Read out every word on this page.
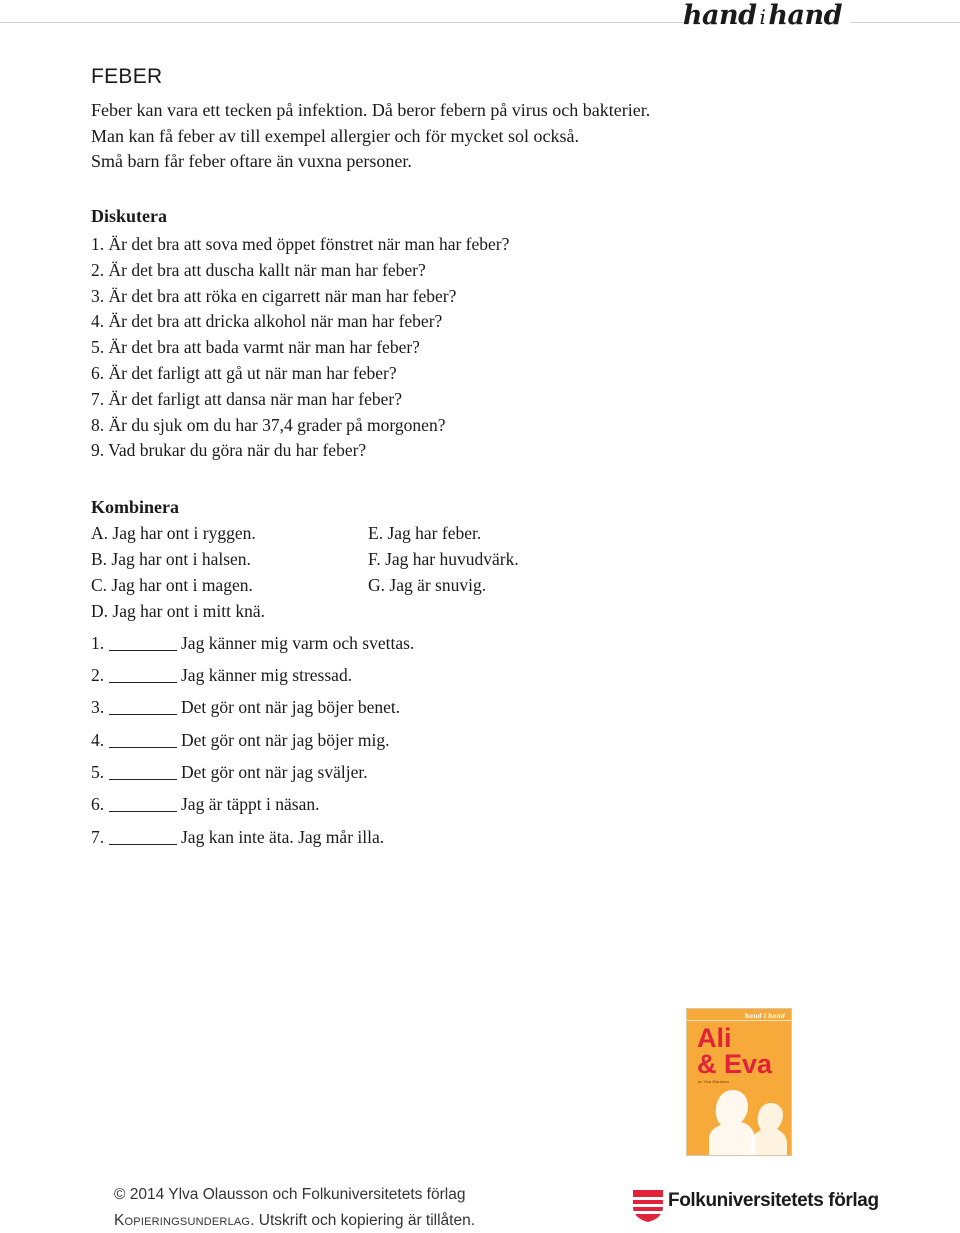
hand i hand
FEBER
Feber kan vara ett tecken på infektion. Då beror febern på virus och bakterier.
Man kan få feber av till exempel allergier och för mycket sol också.
Små barn får feber oftare än vuxna personer.
Diskutera
1. Är det bra att sova med öppet fönstret när man har feber?
2. Är det bra att duscha kallt när man har feber?
3. Är det bra att röka en cigarrett när man har feber?
4. Är det bra att dricka alkohol när man har feber?
5. Är det bra att bada varmt när man har feber?
6. Är det farligt att gå ut när man har feber?
7. Är det farligt att dansa när man har feber?
8. Är du sjuk om du har 37,4 grader på morgonen?
9. Vad brukar du göra när du har feber?
Kombinera
A. Jag har ont i ryggen.
B. Jag har ont i halsen.
C. Jag har ont i magen.
D. Jag har ont i mitt knä.
E. Jag har feber.
F. Jag har huvudvärk.
G. Jag är snuvig.
1.	Jag känner mig varm och svettas.
2.	Jag känner mig stressad.
3.	Det gör ont när jag böjer benet.
4.	Det gör ont när jag böjer mig.
5.	Det gör ont när jag sväljer.
6.	Jag är täppt i näsan.
7.	Jag kan inte äta. Jag mår illa.
hand i hand
Ali
& Eva
av Ylva Olausson
© 2014 Ylva Olausson och Folkuniversitetets förlag
Kopieringsunderlag. Utskrift och kopiering är tillåten.
Folkuniversitetets förlag
